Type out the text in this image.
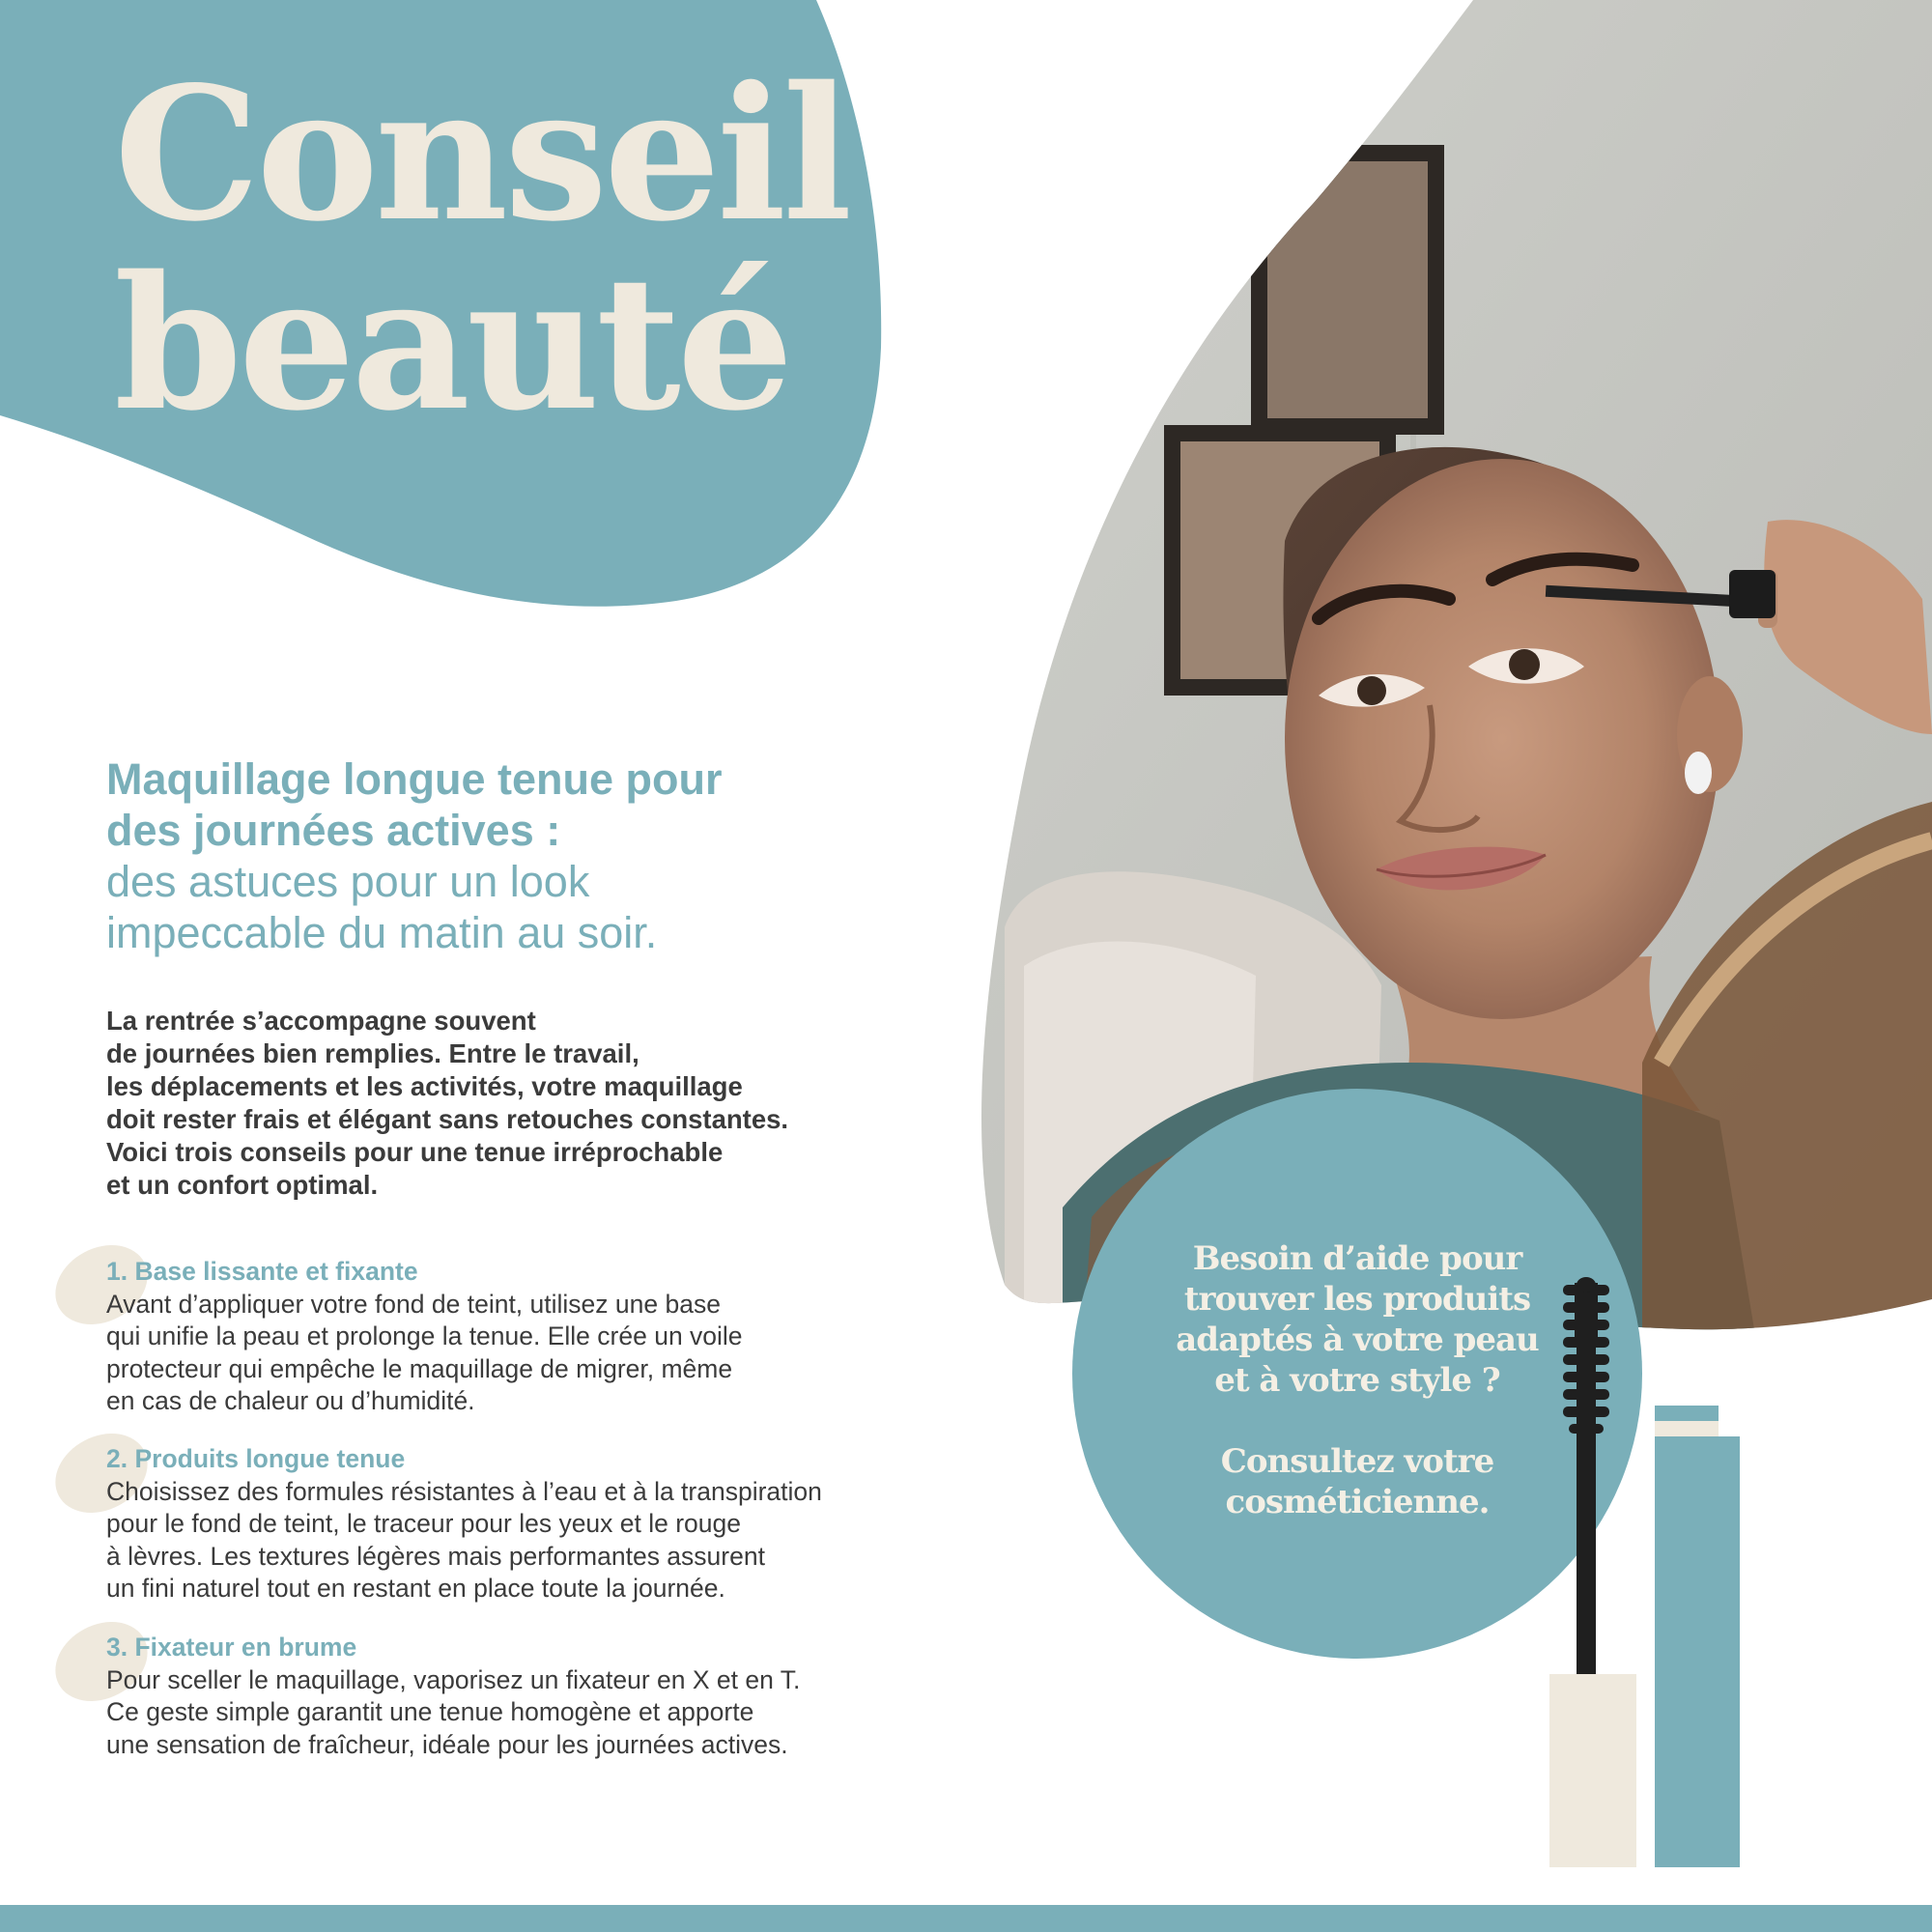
Conseil
beauté
Maquillage longue tenue pour
des journées actives :
des astuces pour un look
impeccable du matin au soir.
La rentrée s’accompagne souvent
de journées bien remplies. Entre le travail,
les déplacements et les activités, votre maquillage
doit rester frais et élégant sans retouches constantes.
Voici trois conseils pour une tenue irréprochable
et un confort optimal.
1. Base lissante et fixante
Avant d’appliquer votre fond de teint, utilisez une base
qui unifie la peau et prolonge la tenue. Elle crée un voile
protecteur qui empêche le maquillage de migrer, même
en cas de chaleur ou d’humidité.
2. Produits longue tenue
Choisissez des formules résistantes à l’eau et à la transpiration
pour le fond de teint, le traceur pour les yeux et le rouge
à lèvres. Les textures légères mais performantes assurent
un fini naturel tout en restant en place toute la journée.
3. Fixateur en brume
Pour sceller le maquillage, vaporisez un fixateur en X et en T.
Ce geste simple garantit une tenue homogène et apporte
une sensation de fraîcheur, idéale pour les journées actives.
Besoin d’aide pour
trouver les produits
adaptés à votre peau
et à votre style ?
Consultez votre
cosméticienne.
